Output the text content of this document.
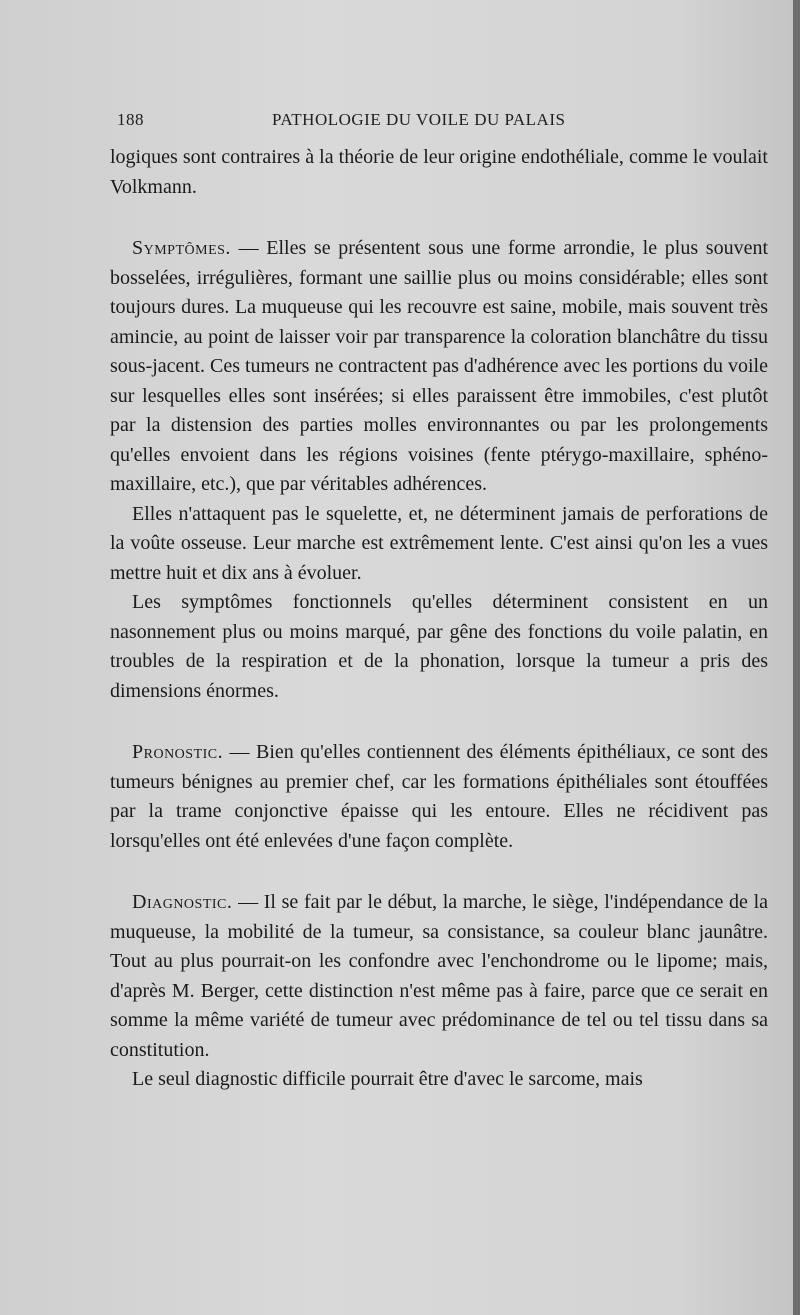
188	PATHOLOGIE DU VOILE DU PALAIS

logiques sont contraires à la théorie de leur origine endothéliale, comme le voulait Volkmann.

Symptômes. — Elles se présentent sous une forme arrondie, le plus souvent bosselées, irrégulières, formant une saillie plus ou moins considérable; elles sont toujours dures. La muqueuse qui les recouvre est saine, mobile, mais souvent très amincie, au point de laisser voir par transparence la coloration blanchâtre du tissu sous-jacent. Ces tumeurs ne contractent pas d'adhérence avec les portions du voile sur lesquelles elles sont insérées; si elles paraissent être immobiles, c'est plutôt par la distension des parties molles environnantes ou par les prolongements qu'elles envoient dans les régions voisines (fente ptérygo-maxillaire, sphéno-maxillaire, etc.), que par véritables adhérences.

Elles n'attaquent pas le squelette, et, ne déterminent jamais de perforations de la voûte osseuse. Leur marche est extrêmement lente. C'est ainsi qu'on les a vues mettre huit et dix ans à évoluer.

Les symptômes fonctionnels qu'elles déterminent consistent en un nasonnement plus ou moins marqué, par gêne des fonctions du voile palatin, en troubles de la respiration et de la phonation, lorsque la tumeur a pris des dimensions énormes.

Pronostic. — Bien qu'elles contiennent des éléments épithéliaux, ce sont des tumeurs bénignes au premier chef, car les formations épithéliales sont étouffées par la trame conjonctive épaisse qui les entoure. Elles ne récidivent pas lorsqu'elles ont été enlevées d'une façon complète.

Diagnostic. — Il se fait par le début, la marche, le siège, l'indépendance de la muqueuse, la mobilité de la tumeur, sa consistance, sa couleur blanc jaunâtre. Tout au plus pourrait-on les confondre avec l'enchondrome ou le lipome; mais, d'après M. Berger, cette distinction n'est même pas à faire, parce que ce serait en somme la même variété de tumeur avec prédominance de tel ou tel tissu dans sa constitution.

Le seul diagnostic difficile pourrait être d'avec le sarcome, mais
